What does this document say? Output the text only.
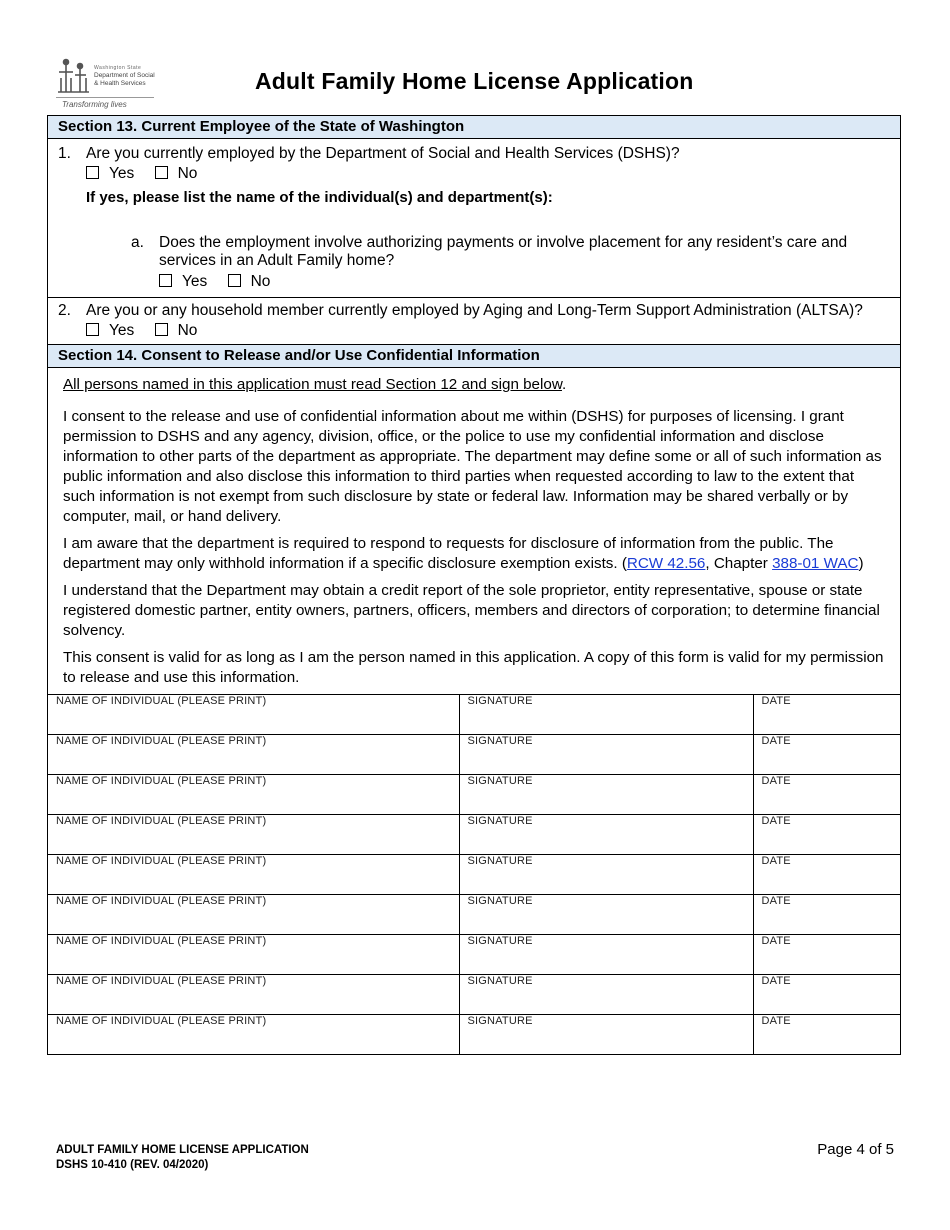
Washington State
Department of Social
& Health Services
Transforming lives
Adult Family Home License Application
Section 13. Current Employee of the State of Washington
1. Are you currently employed by the Department of Social and Health Services (DSHS)?
Yes	No
If yes, please list the name of the individual(s) and department(s):
a. Does the employment involve authorizing payments or involve placement for any resident’s care and services in an Adult Family home?
Yes	No
2. Are you or any household member currently employed by Aging and Long-Term Support Administration (ALTSA)?
Yes	No
Section 14. Consent to Release and/or Use Confidential Information
All persons named in this application must read Section 12 and sign below.
I consent to the release and use of confidential information about me within (DSHS) for purposes of licensing. I grant permission to DSHS and any agency, division, office, or the police to use my confidential information and disclose information to other parts of the department as appropriate. The department may define some or all of such information as public information and also disclose this information to third parties when requested according to law to the extent that such information is not exempt from such disclosure by state or federal law. Information may be shared verbally or by computer, mail, or hand delivery.
I am aware that the department is required to respond to requests for disclosure of information from the public. The department may only withhold information if a specific disclosure exemption exists. (RCW 42.56, Chapter 388-01 WAC)
I understand that the Department may obtain a credit report of the sole proprietor, entity representative, spouse or state registered domestic partner, entity owners, partners, officers, members and directors of corporation; to determine financial solvency.
This consent is valid for as long as I am the person named in this application. A copy of this form is valid for my permission to release and use this information.
NAME OF INDIVIDUAL (PLEASE PRINT)	SIGNATURE	DATE
NAME OF INDIVIDUAL (PLEASE PRINT)	SIGNATURE	DATE
NAME OF INDIVIDUAL (PLEASE PRINT)	SIGNATURE	DATE
NAME OF INDIVIDUAL (PLEASE PRINT)	SIGNATURE	DATE
NAME OF INDIVIDUAL (PLEASE PRINT)	SIGNATURE	DATE
NAME OF INDIVIDUAL (PLEASE PRINT)	SIGNATURE	DATE
NAME OF INDIVIDUAL (PLEASE PRINT)	SIGNATURE	DATE
NAME OF INDIVIDUAL (PLEASE PRINT)	SIGNATURE	DATE
NAME OF INDIVIDUAL (PLEASE PRINT)	SIGNATURE	DATE
ADULT FAMILY HOME LICENSE APPLICATION
DSHS 10-410 (REV. 04/2020)
Page 4 of 5
